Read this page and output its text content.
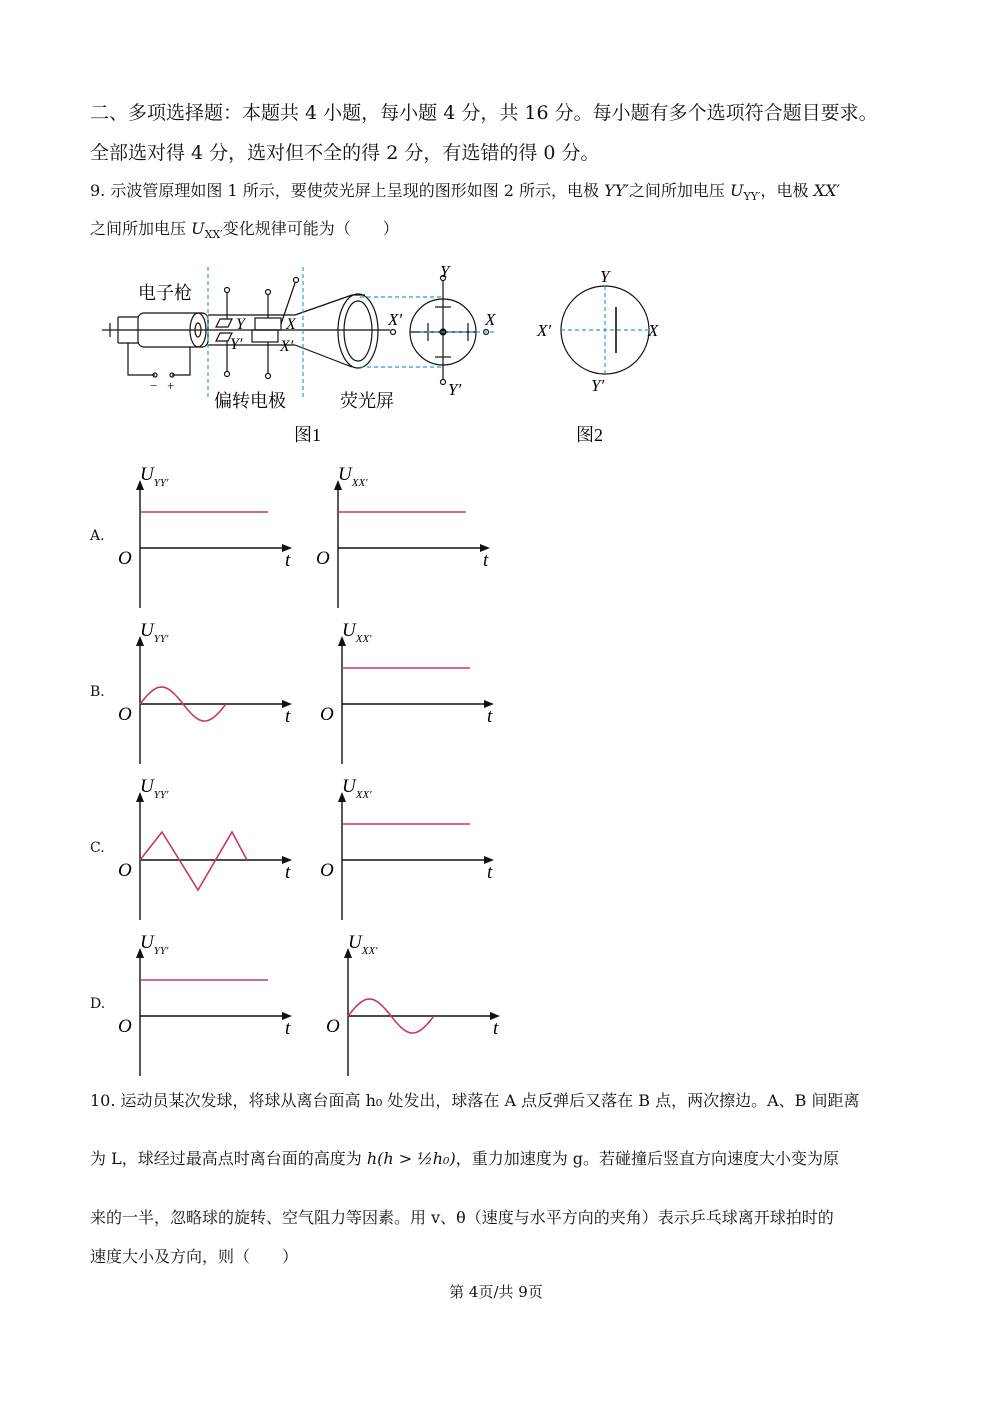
二、多项选择题：本题共 4 小题，每小题 4 分，共 16 分。每小题有多个选项符合题目要求。
全部选对得 4 分，选对但不全的得 2 分，有选错的得 0 分。
9. 示波管原理如图 1 所示，要使荧光屏上呈现的图形如图 2 所示，电极 YY′之间所加电压 $U_{YY'}$，电极 XX′
之间所加电压 $U_{XX'}$变化规律可能为（　　）
电子枪
偏转电极	荧光屏
图1
− +
Y
Y′
X
X′
Y
Y′
X
X′
Y
Y′
X
X′
图2
A.
B.
C.
D.
$U_{YY'}$
O	t
$U_{XX'}$
O	t
$U_{YY'}$
O	t
$U_{XX'}$
O	t
$U_{YY'}$
O	t
$U_{XX'}$
O	t
$U_{YY'}$
O	t
$U_{XX'}$
O	t
10. 运动员某次发球，将球从离台面高 h₀ 处发出，球落在 A 点反弹后又落在 B 点，两次擦边。A、B 间距离
为 L，球经过最高点时离台面的高度为 h(h > ½h₀)，重力加速度为 g。若碰撞后竖直方向速度大小变为原
来的一半，忽略球的旋转、空气阻力等因素。用 v、θ（速度与水平方向的夹角）表示乒乓球离开球拍时的
速度大小及方向，则（　　）
第 4页/共 9页
